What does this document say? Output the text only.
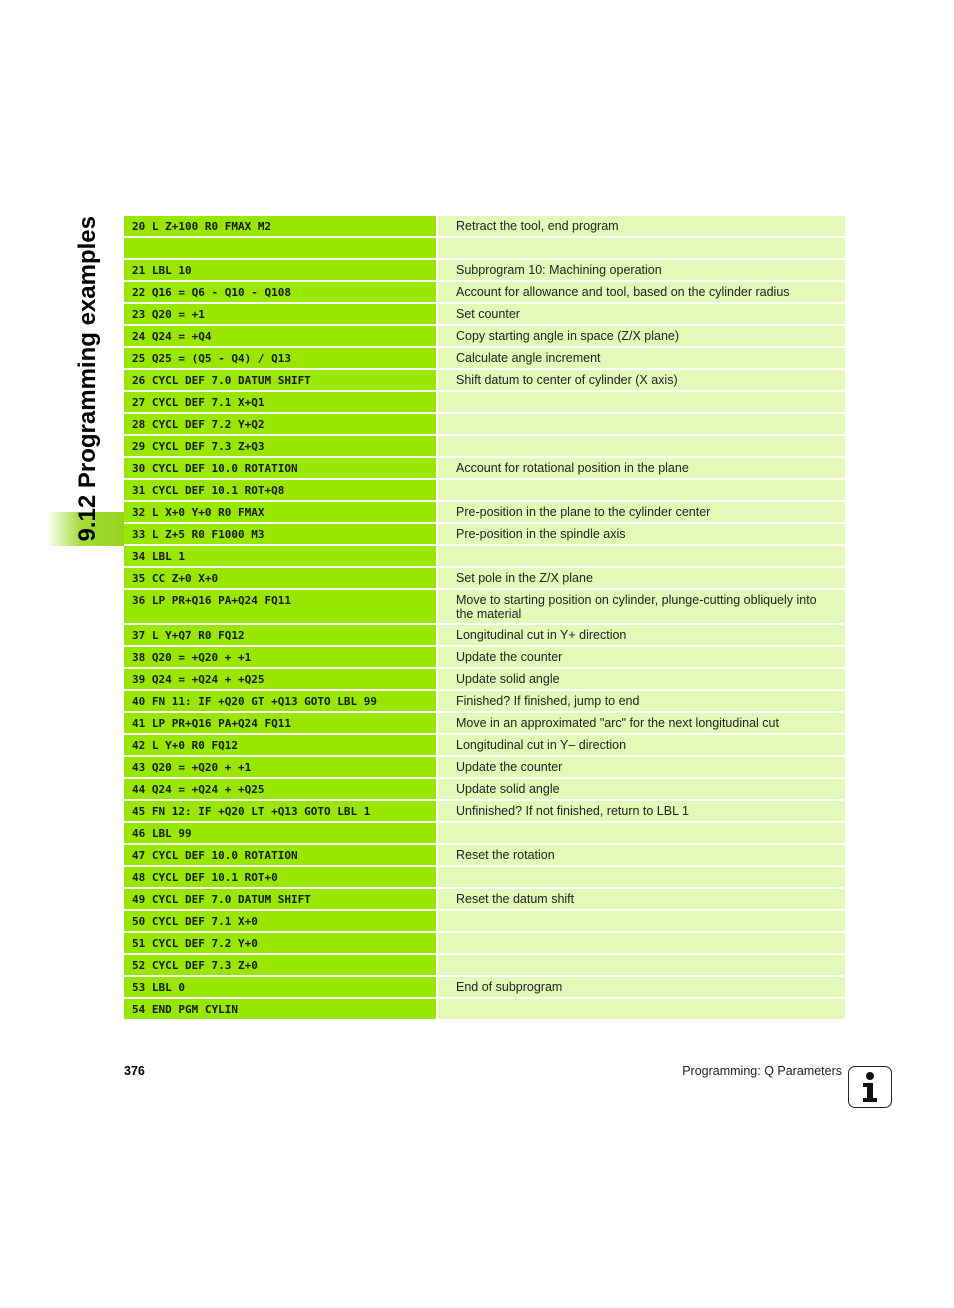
9.12 Programming examples	20 L Z+100 R0 FMAX M2	Retract the tool, end program

21 LBL 10	Subprogram 10: Machining operation
22 Q16 = Q6 - Q10 - Q108	Account for allowance and tool, based on the cylinder radius
23 Q20 = +1	Set counter
24 Q24 = +Q4	Copy starting angle in space (Z/X plane)
25 Q25 = (Q5 - Q4) / Q13	Calculate angle increment
26 CYCL DEF 7.0 DATUM SHIFT	Shift datum to center of cylinder (X axis)
27 CYCL DEF 7.1 X+Q1	
28 CYCL DEF 7.2 Y+Q2	
29 CYCL DEF 7.3 Z+Q3	
30 CYCL DEF 10.0 ROTATION	Account for rotational position in the plane
31 CYCL DEF 10.1 ROT+Q8	
32 L X+0 Y+0 R0 FMAX	Pre-position in the plane to the cylinder center
33 L Z+5 R0 F1000 M3	Pre-position in the spindle axis
34 LBL 1	
35 CC Z+0 X+0	Set pole in the Z/X plane
36 LP PR+Q16 PA+Q24 FQ11	Move to starting position on cylinder, plunge-cutting obliquely into the material
37 L Y+Q7 R0 FQ12	Longitudinal cut in Y+ direction
38 Q20 = +Q20 + +1	Update the counter
39 Q24 = +Q24 + +Q25	Update solid angle
40 FN 11: IF +Q20 GT +Q13 GOTO LBL 99	Finished? If finished, jump to end
41 LP PR+Q16 PA+Q24 FQ11	Move in an approximated "arc" for the next longitudinal cut
42 L Y+0 R0 FQ12	Longitudinal cut in Y– direction
43 Q20 = +Q20 + +1	Update the counter
44 Q24 = +Q24 + +Q25	Update solid angle
45 FN 12: IF +Q20 LT +Q13 GOTO LBL 1	Unfinished? If not finished, return to LBL 1
46 LBL 99	
47 CYCL DEF 10.0 ROTATION	Reset the rotation
48 CYCL DEF 10.1 ROT+0	
49 CYCL DEF 7.0 DATUM SHIFT	Reset the datum shift
50 CYCL DEF 7.1 X+0	
51 CYCL DEF 7.2 Y+0	
52 CYCL DEF 7.3 Z+0	
53 LBL 0	End of subprogram
54 END PGM CYLIN	
376	Programming: Q Parameters
